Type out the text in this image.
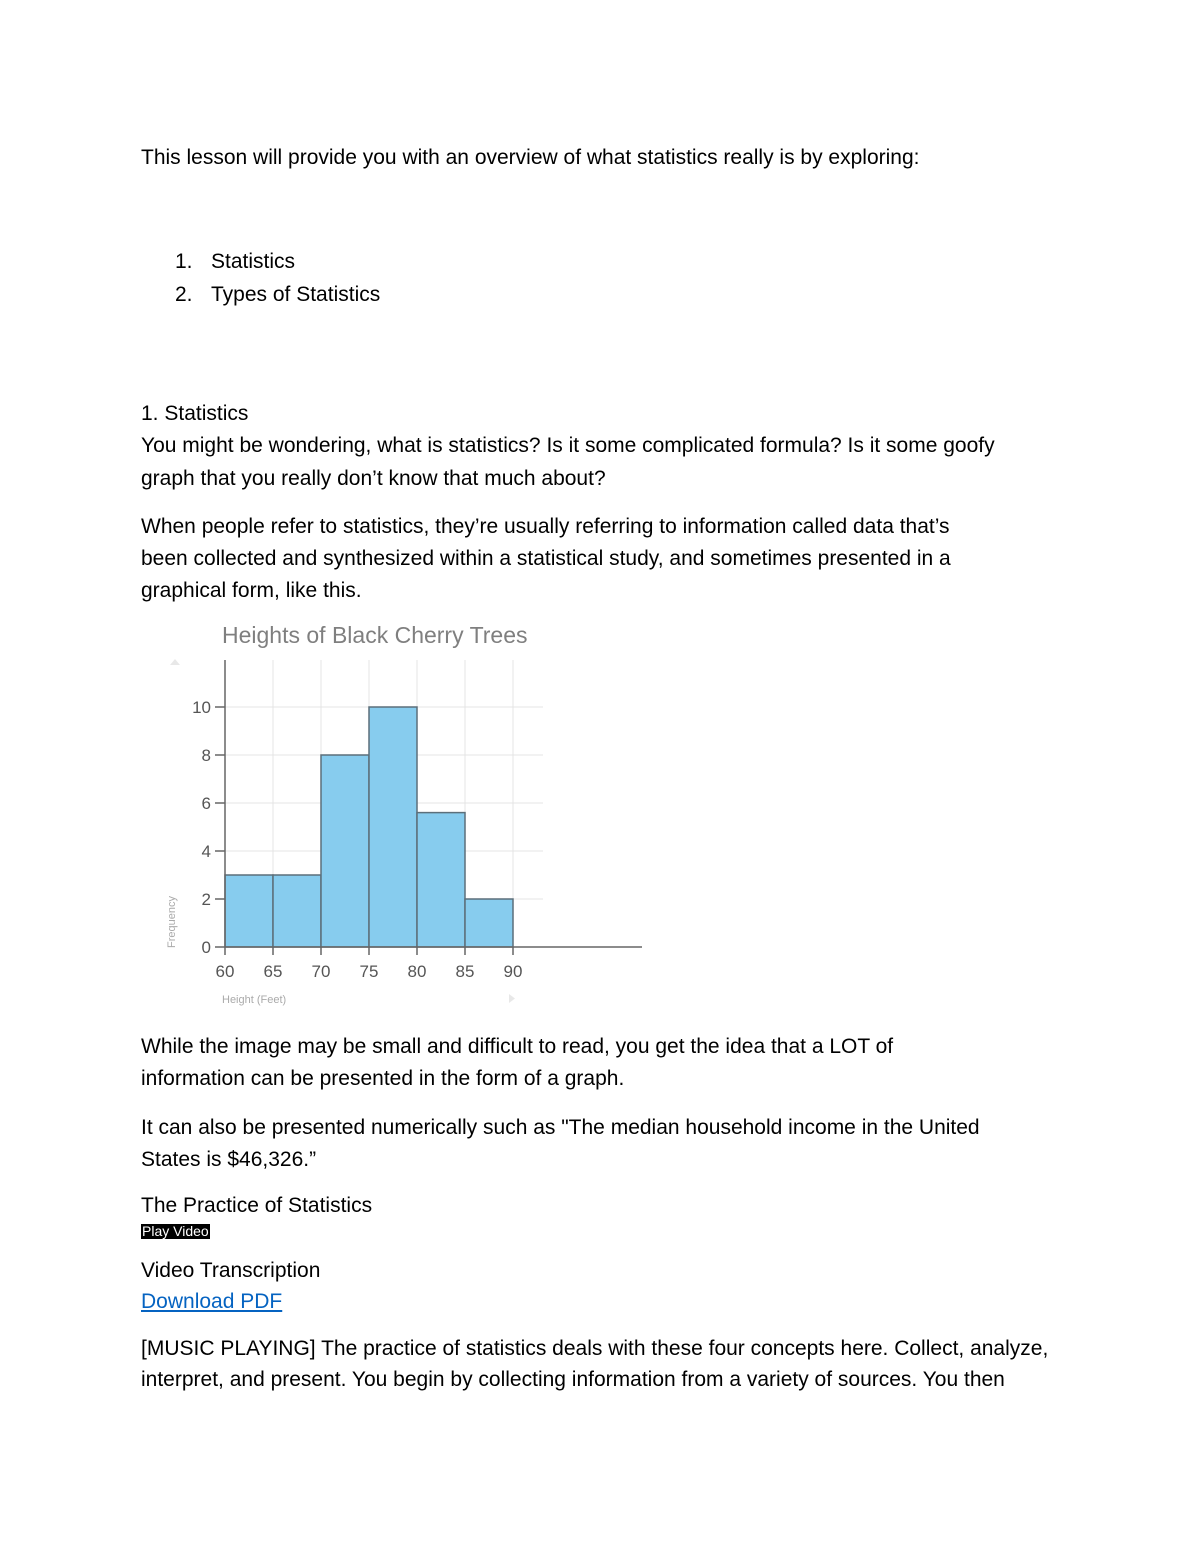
This lesson will provide you with an overview of what statistics really is by exploring:

1. Statistics
2. Types of Statistics

1. Statistics

You might be wondering, what is statistics? Is it some complicated formula? Is it some goofy

graph that you really don’t know that much about?

When people refer to statistics, they’re usually referring to information called data that’s

been collected and synthesized within a statistical study, and sometimes presented in a

graphical form, like this.

Heights of Black Cherry Trees
0
2
4
6
8
10
60 65 70 75 80 85 90
Height (Feet)
Frequency

While the image may be small and difficult to read, you get the idea that a LOT of

information can be presented in the form of a graph.

It can also be presented numerically such as "The median household income in the United

States is $46,326.”

The Practice of Statistics

Play Video

Video Transcription

Download PDF

[MUSIC PLAYING] The practice of statistics deals with these four concepts here. Collect, analyze,

interpret, and present. You begin by collecting information from a variety of sources. You then
